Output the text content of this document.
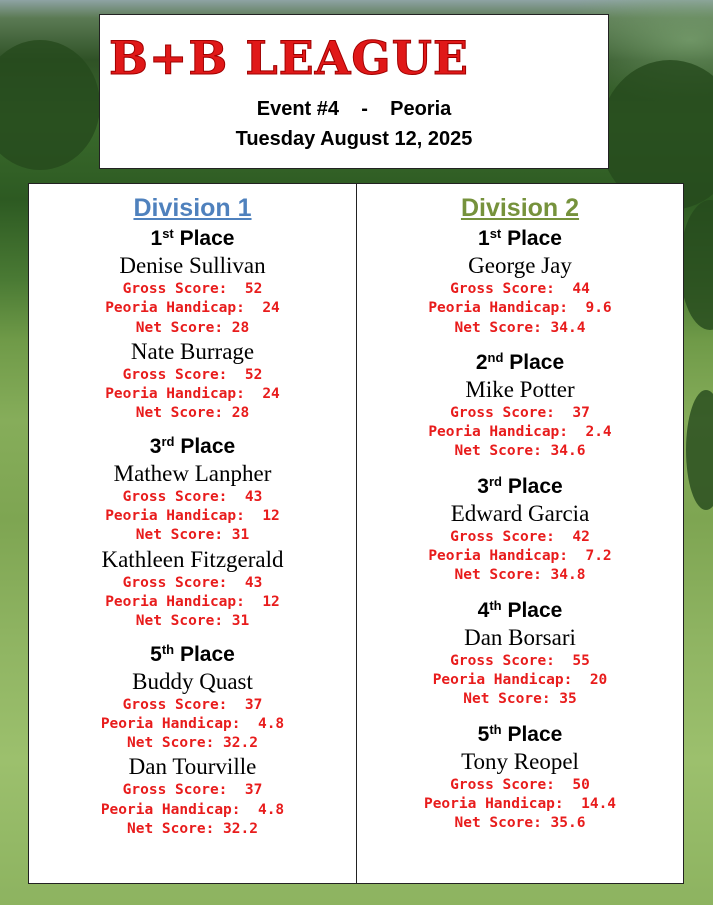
B+B LEAGUE
Event #4    -    Peoria
Tuesday August 12, 2025
Division 1
1st Place
Denise Sullivan
Gross Score:  52
Peoria Handicap:  24
Net Score: 28
Nate Burrage
Gross Score:  52
Peoria Handicap:  24
Net Score: 28
3rd Place
Mathew Lanpher
Gross Score:  43
Peoria Handicap:  12
Net Score: 31
Kathleen Fitzgerald
Gross Score:  43
Peoria Handicap:  12
Net Score: 31
5th Place
Buddy Quast
Gross Score:  37
Peoria Handicap:  4.8
Net Score: 32.2
Dan Tourville
Gross Score:  37
Peoria Handicap:  4.8
Net Score: 32.2
Division 2
1st Place
George Jay
Gross Score:  44
Peoria Handicap:  9.6
Net Score: 34.4
2nd Place
Mike Potter
Gross Score:  37
Peoria Handicap:  2.4
Net Score: 34.6
3rd Place
Edward Garcia
Gross Score:  42
Peoria Handicap:  7.2
Net Score: 34.8
4th Place
Dan Borsari
Gross Score:  55
Peoria Handicap:  20
Net Score: 35
5th Place
Tony Reopel
Gross Score:  50
Peoria Handicap:  14.4
Net Score: 35.6
